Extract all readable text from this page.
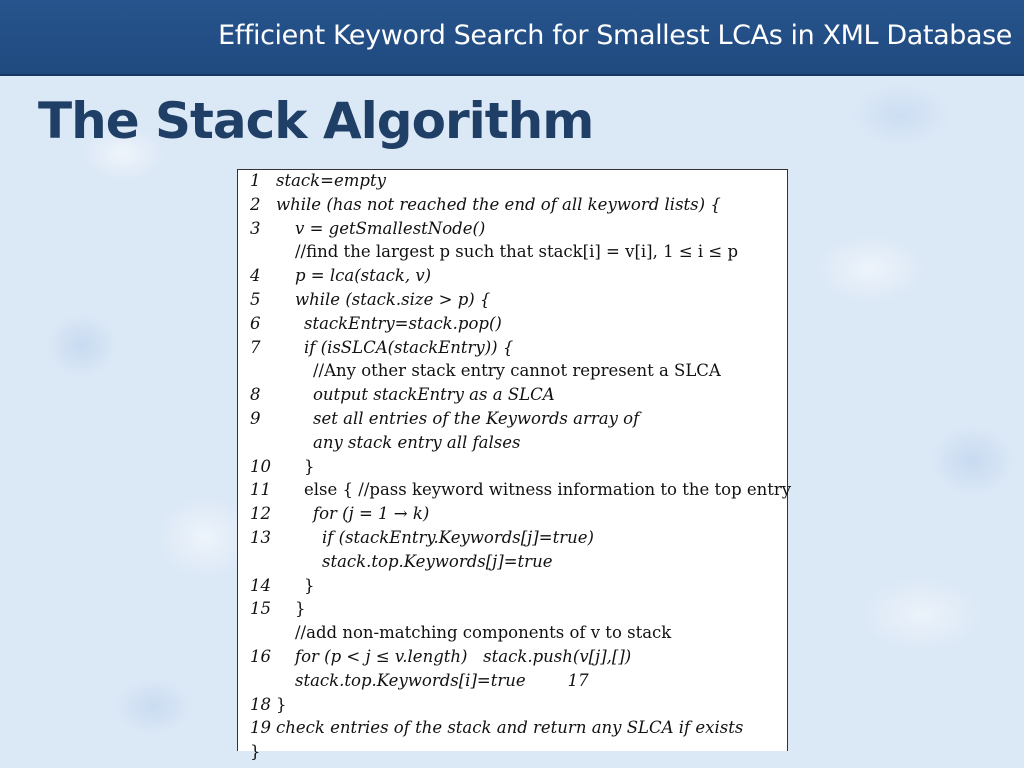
Efficient Keyword Search for Smallest LCAs in XML Database
The Stack Algorithm
1 stack=empty
2 while (has not reached the end of all keyword lists) {
3 v = getSmallestNode()
//find the largest p such that stack[i] = v[i], 1 ≤ i ≤ p
4 p = lca(stack, v)
5 while (stack.size > p) {
6	stackEntry=stack.pop()
7	if (isSLCA(stackEntry)) {
//Any other stack entry cannot represent a SLCA
8	output stackEntry as a SLCA
9	set all entries of the Keywords array of
any stack entry all falses
10 }
11 else { //pass keyword witness information to the top entry
12	for (j = 1 → k)
13	if (stackEntry.Keywords[j]=true)
stack.top.Keywords[j]=true
14 }
15 }
//add non-matching components of v to stack
16 for (p < j ≤ v.length)   stack.push(v[j],[])
stack.top.Keywords[i]=true        17
18 }
19 check entries of the stack and return any SLCA if exists
}
